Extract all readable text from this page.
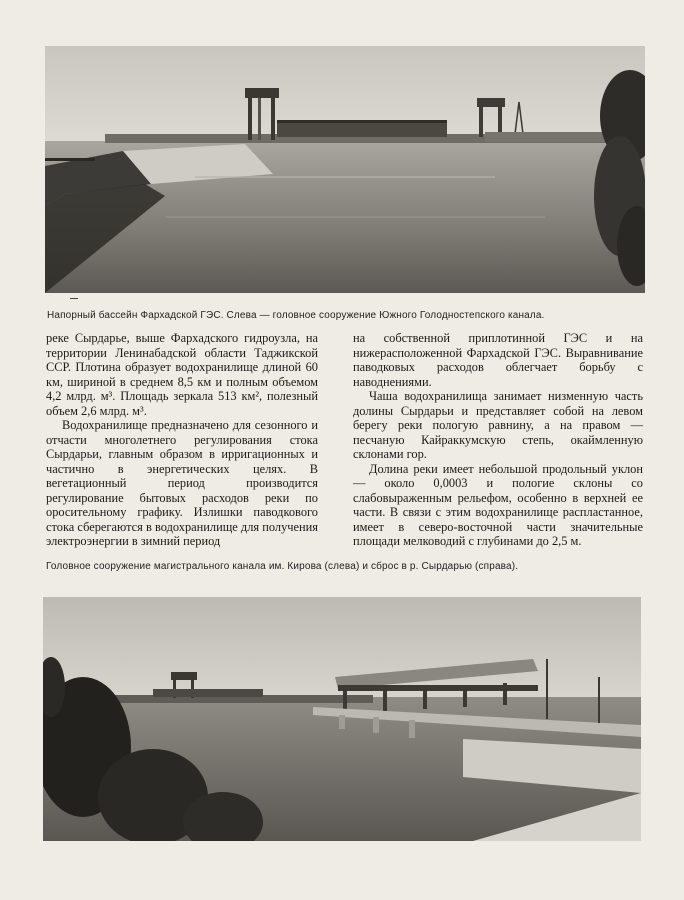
Напорный бассейн Фархадской ГЭС. Слева — головное сооружение Южного Голодностепского канала.

реке Сырдарье, выше Фархадского гидроузла, на территории Ленинабадской области Таджикской ССР. Плотина образует водохранилище длиной 60 км, шириной в среднем 8,5 км и полным объемом 4,2 млрд. м³. Площадь зеркала 513 км², полезный объем 2,6 млрд. м³.

Водохранилище предназначено для сезонного и отчасти многолетнего регулирования стока Сырдарьи, главным образом в ирригационных и частично в энергетических целях. В вегетационный период производится регулирование бытовых расходов реки по оросительному графику. Излишки паводкового стока сберегаются в водохранилище для получения электроэнергии в зимний период

на собственной приплотинной ГЭС и на нижерасположенной Фархадской ГЭС. Выравнивание паводковых расходов облегчает борьбу с наводнениями.

Чаша водохранилища занимает низменную часть долины Сырдарьи и представляет собой на левом берегу реки пологую равнину, а на правом — песчаную Кайраккумскую степь, окаймленную склонами гор.

Долина реки имеет небольшой продольный уклон — около 0,0003 и пологие склоны со слабовыраженным рельефом, особенно в верхней ее части. В связи с этим водохранилище распластанное, имеет в северо-восточной части значительные площади мелководий с глубинами до 2,5 м.

Головное сооружение магистрального канала им. Кирова (слева) и сброс в р. Сырдарью (справа).
